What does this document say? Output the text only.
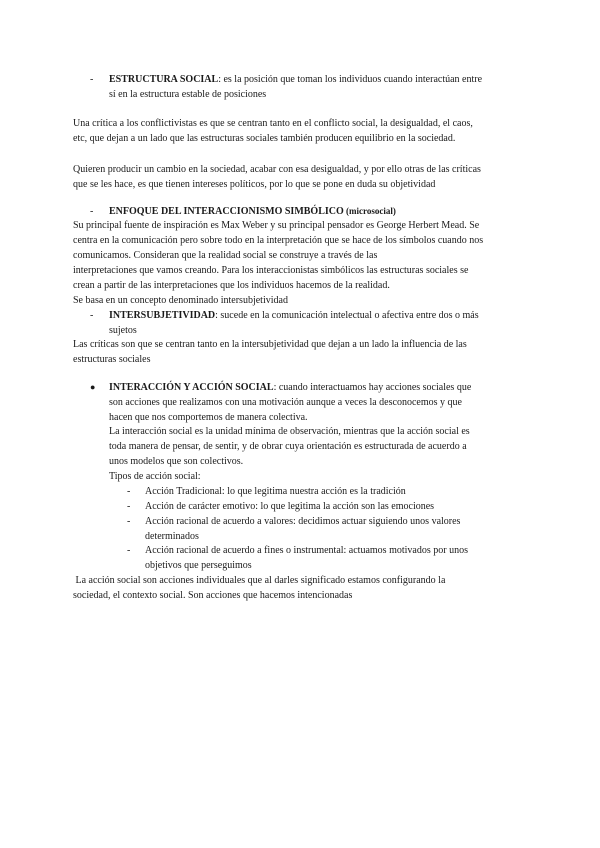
- ESTRUCTURA SOCIAL: es la posición que toman los individuos cuando interactúan entre
sí en la estructura estable de posiciones
Una crítica a los conflictivistas es que se centran tanto en el conflicto social, la desigualdad, el caos,
etc, que dejan a un lado que las estructuras sociales también producen equilibrio en la sociedad.
Quieren producir un cambio en la sociedad, acabar con esa desigualdad, y por ello otras de las críticas
que se les hace, es que tienen intereses políticos, por lo que se pone en duda su objetividad
- ENFOQUE DEL INTERACCIONISMO SIMBÓLICO (microsocial)
Su principal fuente de inspiración es Max Weber y su principal pensador es George Herbert Mead. Se
centra en la comunicación pero sobre todo en la interpretación que se hace de los símbolos cuando nos
comunicamos. Consideran que la realidad social se construye a través de las
interpretaciones que vamos creando. Para los interaccionistas simbólicos las estructuras sociales se
crean a partir de las interpretaciones que los individuos hacemos de la realidad.
Se basa en un concepto denominado intersubjetividad
- INTERSUBJETIVIDAD: sucede en la comunicación intelectual o afectiva entre dos o más
sujetos
Las críticas son que se centran tanto en la intersubjetividad que dejan a un lado la influencia de las
estructuras sociales
● INTERACCIÓN Y ACCIÓN SOCIAL: cuando interactuamos hay acciones sociales que
son acciones que realizamos con una motivación aunque a veces la desconocemos y que
hacen que nos comportemos de manera colectiva.
La interacción social es la unidad mínima de observación, mientras que la acción social es
toda manera de pensar, de sentir, y de obrar cuya orientación es estructurada de acuerdo a
unos modelos que son colectivos.
Tipos de acción social:
- Acción Tradicional: lo que legitima nuestra acción es la tradición
- Acción de carácter emotivo: lo que legitima la acción son las emociones
- Acción racional de acuerdo a valores: decidimos actuar siguiendo unos valores
determinados
- Acción racional de acuerdo a fines o instrumental: actuamos motivados por unos
objetivos que perseguimos
La acción social son acciones individuales que al darles significado estamos configurando la
sociedad, el contexto social. Son acciones que hacemos intencionadas
